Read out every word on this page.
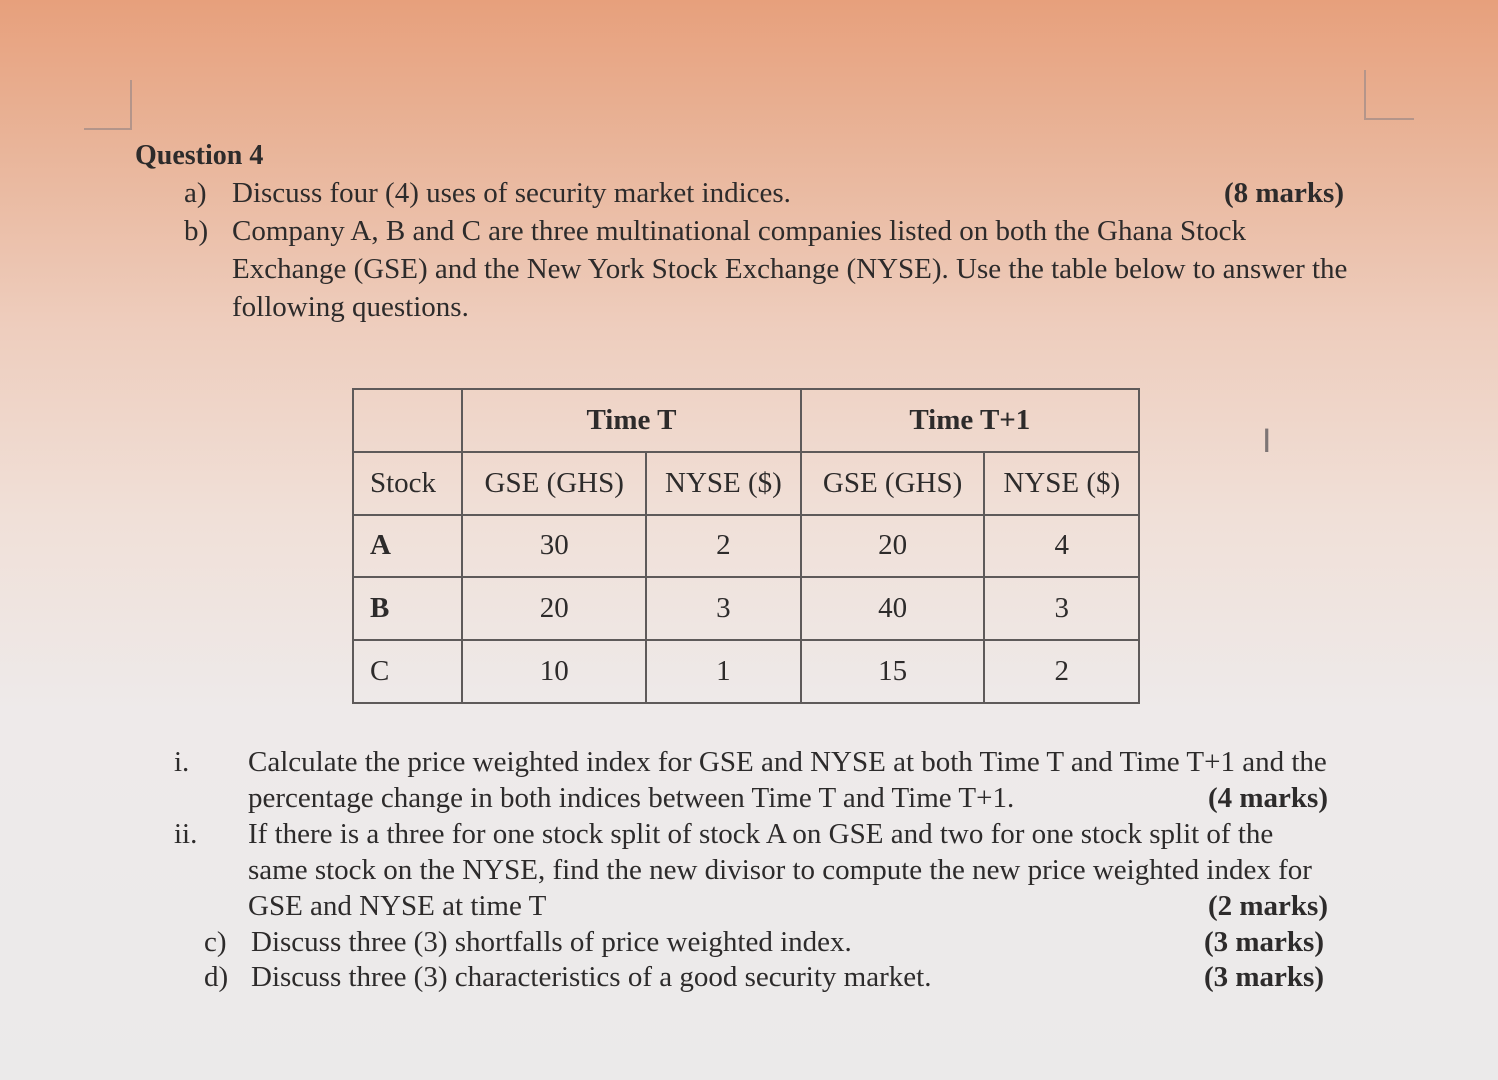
Question 4
a) Discuss four (4) uses of security market indices.	(8 marks)
b) Company A, B and C are three multinational companies listed on both the Ghana Stock Exchange (GSE) and the New York Stock Exchange (NYSE). Use the table below to answer the following questions.
	Time T		Time T+1	
Stock	GSE (GHS)	NYSE ($)	GSE (GHS)	NYSE ($)
A	30	2	20	4
B	20	3	40	3
C	10	1	15	2
I
i. Calculate the price weighted index for GSE and NYSE at both Time T and Time T+1 and the percentage change in both indices between Time T and Time T+1.	(4 marks)
ii. If there is a three for one stock split of stock A on GSE and two for one stock split of the same stock on the NYSE, find the new divisor to compute the new price weighted index for GSE and NYSE at time T	(2 marks)
c) Discuss three (3) shortfalls of price weighted index.	(3 marks)
d) Discuss three (3) characteristics of a good security market.	(3 marks)
